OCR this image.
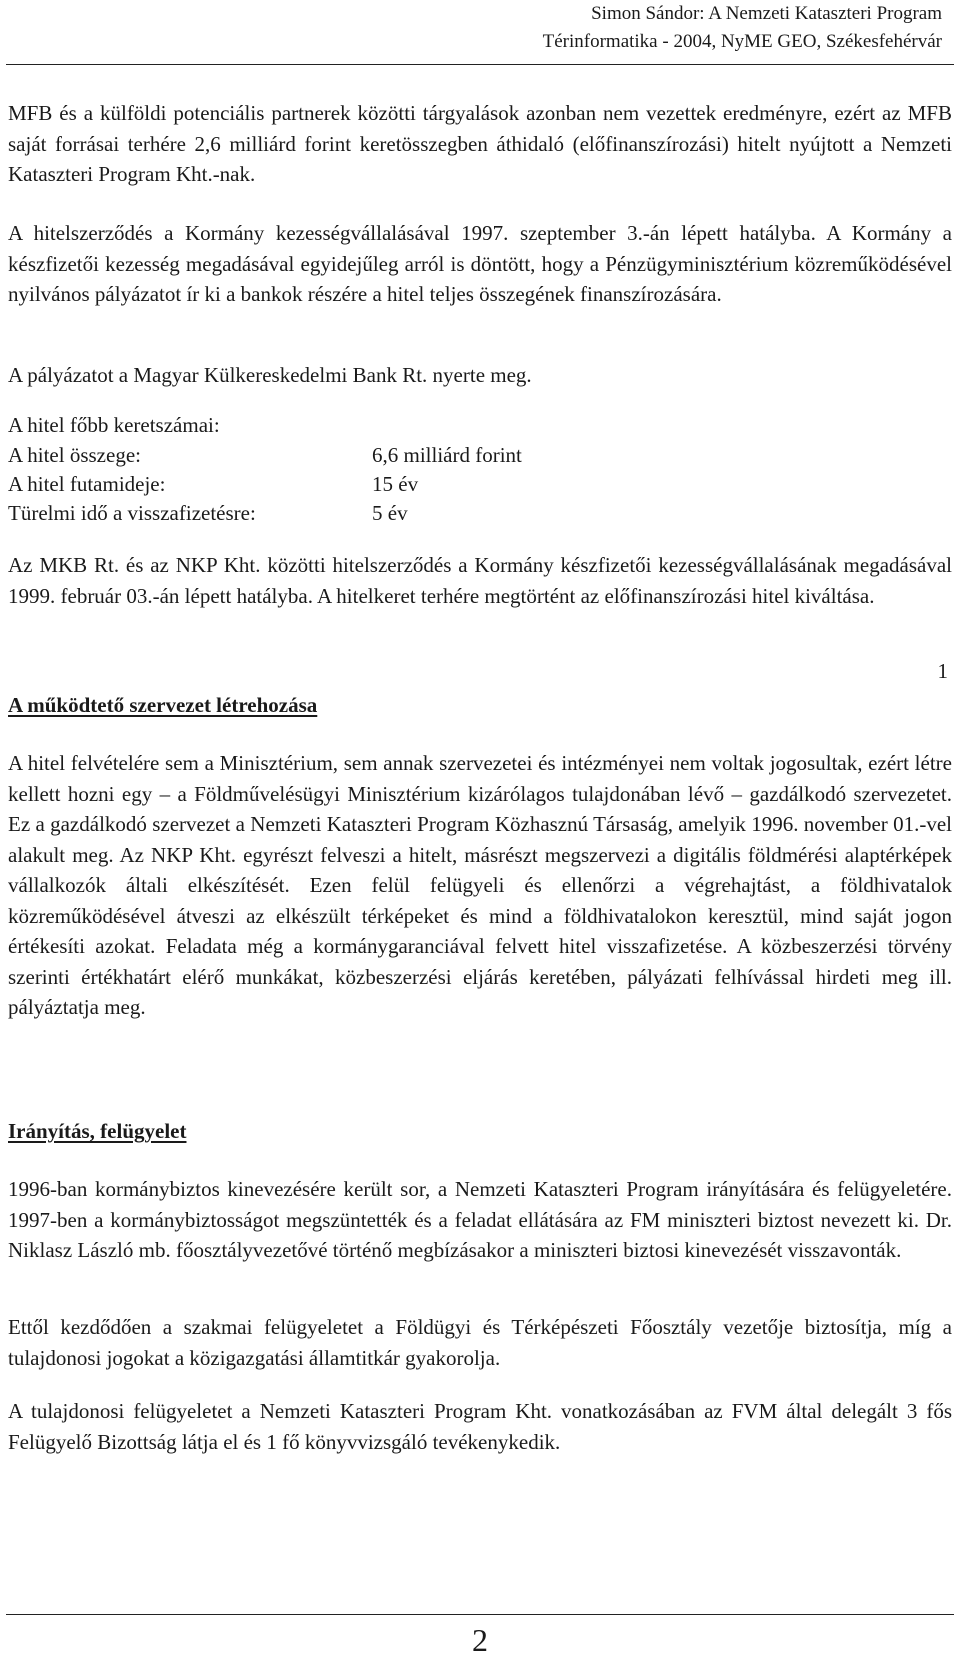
Simon Sándor: A Nemzeti Kataszteri Program
Térinformatika - 2004, NyME GEO, Székesfehérvár

MFB és a külföldi potenciális partnerek közötti tárgyalások azonban nem vezettek eredményre, ezért az MFB saját forrásai terhére 2,6 milliárd forint keretösszegben áthidaló (előfinanszírozási) hitelt nyújtott a Nemzeti Kataszteri Program Kht.-nak.

A hitelszerződés a Kormány kezességvállalásával 1997. szeptember 3.-án lépett hatályba. A Kormány a készfizetői kezesség megadásával egyidejűleg arról is döntött, hogy a Pénzügyminisztérium közreműködésével nyilvános pályázatot ír ki a bankok részére a hitel teljes összegének finanszírozására.

A pályázatot a Magyar Külkereskedelmi Bank Rt. nyerte meg.

A hitel főbb keretszámai:
A hitel összege:	6,6 milliárd forint
A hitel futamideje:	15 év
Türelmi idő a visszafizetésre:	5 év

Az MKB Rt. és az NKP Kht. közötti hitelszerződés a Kormány készfizetői kezességvállalásának megadásával 1999. február 03.-án lépett hatályba. A hitelkeret terhére megtörtént az előfinanszírozási hitel kiváltása.

1
A működtető szervezet létrehozása

A hitel felvételére sem a Minisztérium, sem annak szervezetei és intézményei nem voltak jogosultak, ezért létre kellett hozni egy – a Földművelésügyi Minisztérium kizárólagos tulajdonában lévő – gazdálkodó szervezetet. Ez a gazdálkodó szervezet a Nemzeti Kataszteri Program Közhasznú Társaság, amelyik 1996. november 01.-vel alakult meg. Az NKP Kht. egyrészt felveszi a hitelt, másrészt megszervezi a digitális földmérési alaptérképek vállalkozók általi elkészítését. Ezen felül felügyeli és ellenőrzi a végrehajtást, a földhivatalok közreműködésével átveszi az elkészült térképeket és mind a földhivatalokon keresztül, mind saját jogon értékesíti azokat. Feladata még a kormánygaranciával felvett hitel visszafizetése. A közbeszerzési törvény szerinti értékhatárt elérő munkákat, közbeszerzési eljárás keretében, pályázati felhívással hirdeti meg ill. pályáztatja meg.

Irányítás, felügyelet

1996-ban kormánybiztos kinevezésére került sor, a Nemzeti Kataszteri Program irányítására és felügyeletére. 1997-ben a kormánybiztosságot megszüntették és a feladat ellátására az FM miniszteri biztost nevezett ki. Dr. Niklasz László mb. főosztályvezetővé történő megbízásakor a miniszteri biztosi kinevezését visszavonták.

Ettől kezdődően a szakmai felügyeletet a Földügyi és Térképészeti Főosztály vezetője biztosítja, míg a tulajdonosi jogokat a közigazgatási államtitkár gyakorolja.

A tulajdonosi felügyeletet a Nemzeti Kataszteri Program Kht. vonatkozásában az FVM által delegált 3 fős Felügyelő Bizottság látja el és 1 fő könyvvizsgáló tevékenykedik.

2
